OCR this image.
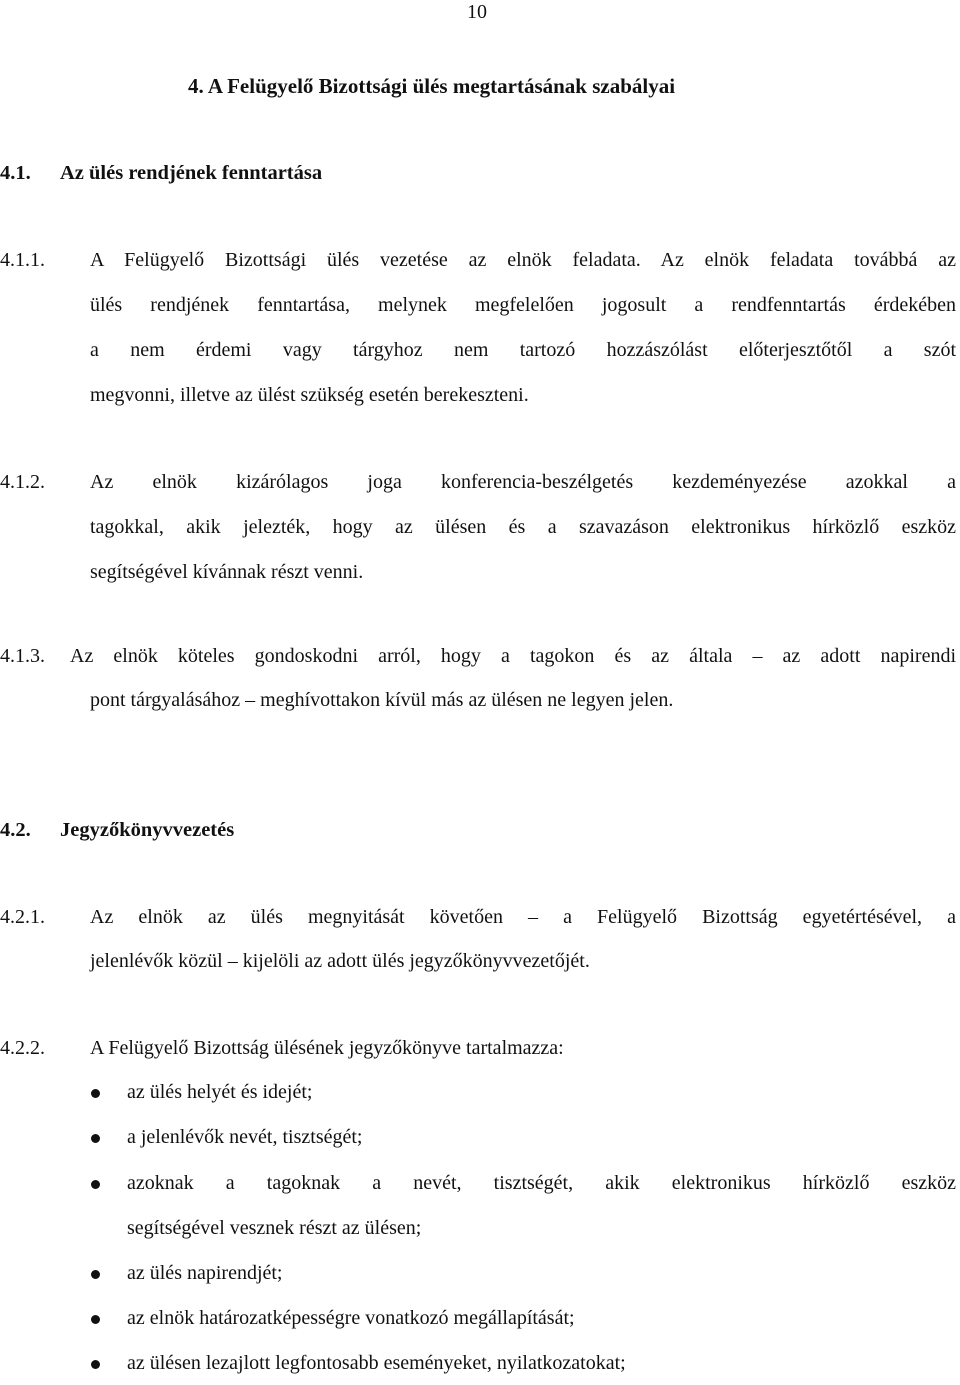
10
4. A Felügyelő Bizottsági ülés megtartásának szabályai
4.1. Az ülés rendjének fenntartása
4.1.1. A Felügyelő Bizottsági ülés vezetése az elnök feladata. Az elnök feladata továbbá az
ülés rendjének fenntartása, melynek megfelelően jogosult a rendfenntartás érdekében
a nem érdemi vagy tárgyhoz nem tartozó hozzászólást előterjesztőtől a szót
megvonni, illetve az ülést szükség esetén berekeszteni.
4.1.2. Az elnök kizárólagos joga konferencia-beszélgetés kezdeményezése azokkal a
tagokkal, akik jelezték, hogy az ülésen és a szavazáson elektronikus hírközlő eszköz
segítségével kívánnak részt venni.
4.1.3. Az elnök köteles gondoskodni arról, hogy a tagokon és az általa – az adott napirendi
pont tárgyalásához – meghívottakon kívül más az ülésen ne legyen jelen.
4.2. Jegyzőkönyvvezetés
4.2.1. Az elnök az ülés megnyitását követően – a Felügyelő Bizottság egyetértésével, a
jelenlévők közül – kijelöli az adott ülés jegyzőkönyvvezetőjét.
4.2.2. A Felügyelő Bizottság ülésének jegyzőkönyve tartalmazza:
az ülés helyét és idejét;
a jelenlévők nevét, tisztségét;
azoknak a tagoknak a nevét, tisztségét, akik elektronikus hírközlő eszköz
segítségével vesznek részt az ülésen;
az ülés napirendjét;
az elnök határozatképességre vonatkozó megállapítását;
az ülésen lezajlott legfontosabb eseményeket, nyilatkozatokat;
